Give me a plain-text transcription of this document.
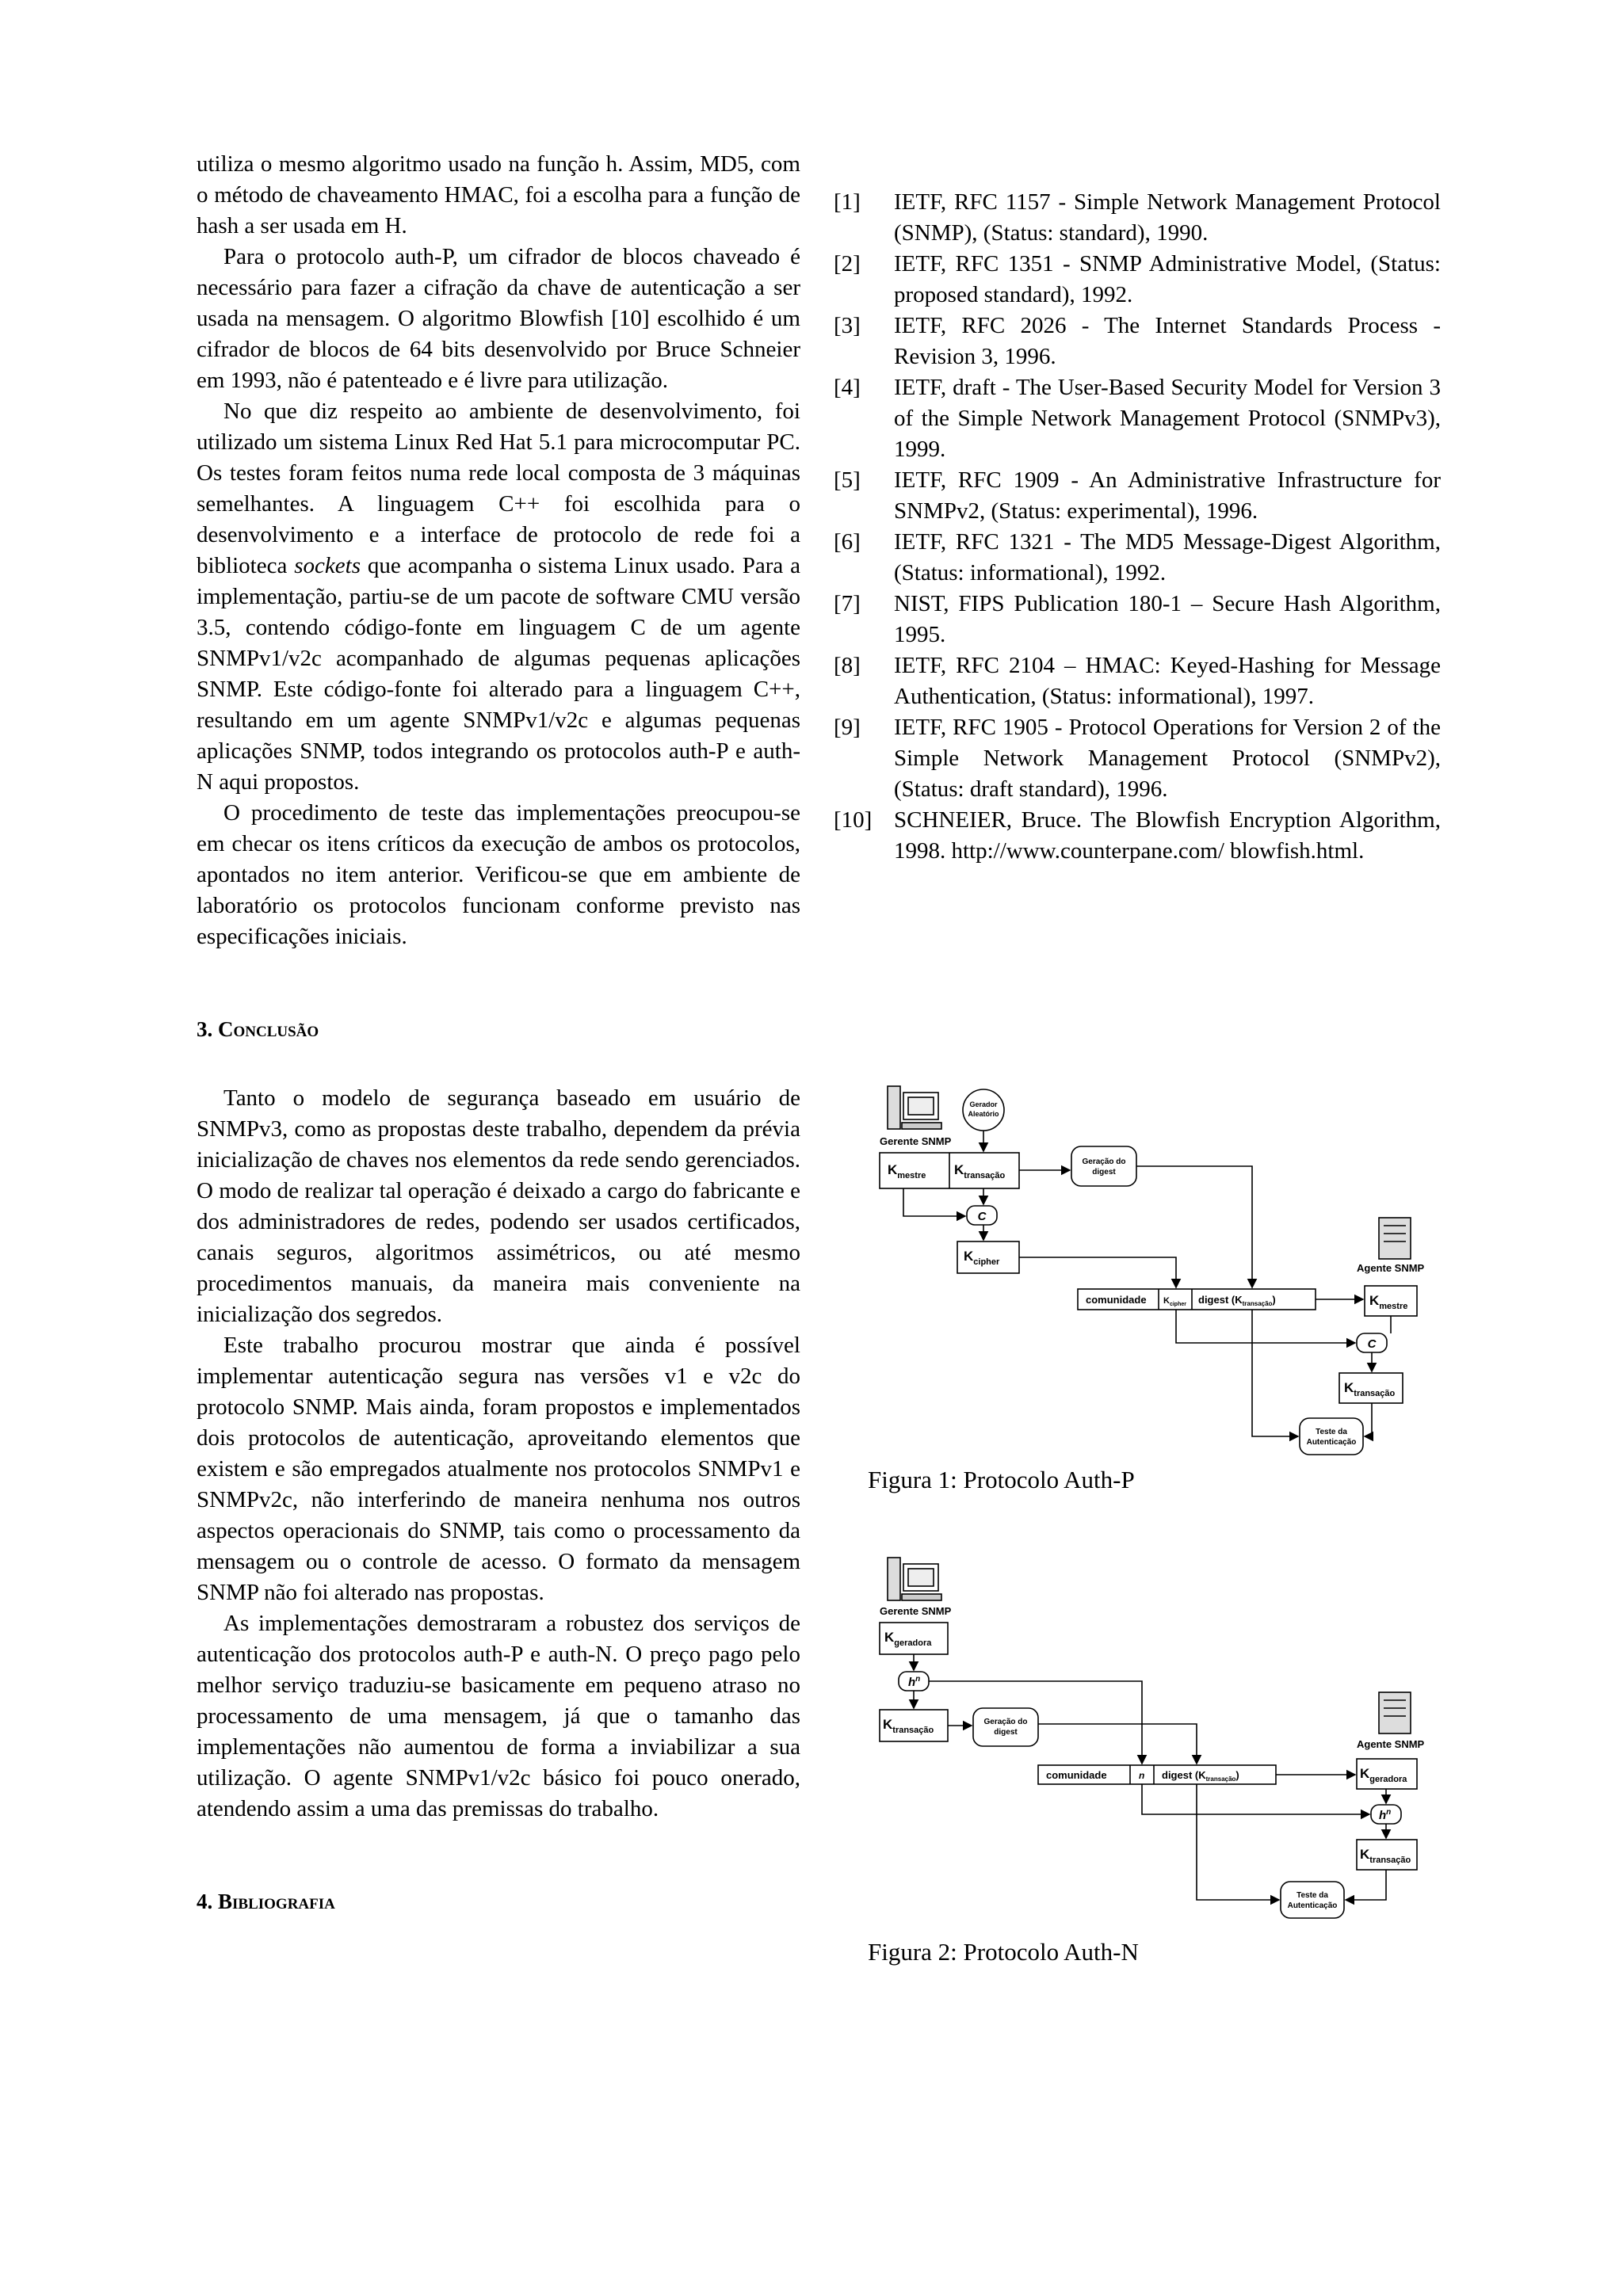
utiliza o mesmo algoritmo usado na função h. Assim, MD5, com o método de chaveamento HMAC, foi a escolha para a função de hash a ser usada em H.

Para o protocolo auth-P, um cifrador de blocos chaveado é necessário para fazer a cifração da chave de autenticação a ser usada na mensagem. O algoritmo Blowfish [10] escolhido é um cifrador de blocos de 64 bits desenvolvido por Bruce Schneier em 1993, não é patenteado e é livre para utilização.

No que diz respeito ao ambiente de desenvolvimento, foi utilizado um sistema Linux Red Hat 5.1 para microcomputar PC. Os testes foram feitos numa rede local composta de 3 máquinas semelhantes. A linguagem C++ foi escolhida para o desenvolvimento e a interface de protocolo de rede foi a biblioteca sockets que acompanha o sistema Linux usado. Para a implementação, partiu-se de um pacote de software CMU versão 3.5, contendo código-fonte em linguagem C de um agente SNMPv1/v2c acompanhado de algumas pequenas aplicações SNMP. Este código-fonte foi alterado para a linguagem C++, resultando em um agente SNMPv1/v2c e algumas pequenas aplicações SNMP, todos integrando os protocolos auth-P e auth-N aqui propostos.

O procedimento de teste das implementações preocupou-se em checar os itens críticos da execução de ambos os protocolos, apontados no item anterior. Verificou-se que em ambiente de laboratório os protocolos funcionam conforme previsto nas especificações iniciais.

3. Conclusão

Tanto o modelo de segurança baseado em usuário de SNMPv3, como as propostas deste trabalho, dependem da prévia inicialização de chaves nos elementos da rede sendo gerenciados. O modo de realizar tal operação é deixado a cargo do fabricante e dos administradores de redes, podendo ser usados certificados, canais seguros, algoritmos assimétricos, ou até mesmo procedimentos manuais, da maneira mais conveniente na inicialização dos segredos.

Este trabalho procurou mostrar que ainda é possível implementar autenticação segura nas versões v1 e v2c do protocolo SNMP. Mais ainda, foram propostos e implementados dois protocolos de autenticação, aproveitando elementos que existem e são empregados atualmente nos protocolos SNMPv1 e SNMPv2c, não interferindo de maneira nenhuma nos outros aspectos operacionais do SNMP, tais como o processamento da mensagem ou o controle de acesso. O formato da mensagem SNMP não foi alterado nas propostas.

As implementações demostraram a robustez dos serviços de autenticação dos protocolos auth-P e auth-N. O preço pago pelo melhor serviço traduziu-se basicamente em pequeno atraso no processamento de uma mensagem, já que o tamanho das implementações não aumentou de forma a inviabilizar a sua utilização. O agente SNMPv1/v2c básico foi pouco onerado, atendendo assim a uma das premissas do trabalho.

4. Bibliografia

[1]	IETF, RFC 1157 - Simple Network Management Protocol (SNMP), (Status: standard), 1990.
[2]	IETF, RFC 1351 - SNMP Administrative Model, (Status: proposed standard), 1992.
[3]	IETF, RFC 2026 - The Internet Standards Process - Revision 3, 1996.
[4]	IETF, draft - The User-Based Security Model for Version 3 of the Simple Network Management Protocol (SNMPv3), 1999.
[5]	IETF, RFC 1909 - An Administrative Infrastructure for SNMPv2, (Status: experimental), 1996.
[6]	IETF, RFC 1321 - The MD5 Message-Digest Algorithm, (Status: informational), 1992.
[7]	NIST, FIPS Publication 180-1 – Secure Hash Algorithm, 1995.
[8]	IETF, RFC 2104 – HMAC: Keyed-Hashing for Message Authentication, (Status: informational), 1997.
[9]	IETF, RFC 1905 - Protocol Operations for Version 2 of the Simple Network Management Protocol (SNMPv2), (Status: draft standard), 1996.
[10] SCHNEIER, Bruce. The Blowfish Encryption Algorithm, 1998. http://www.counterpane.com/ blowfish.html.
Gerador
Aleatório
Gerente SNMP
$K_{mestre}$ $K_{transação}$
Geração do
digest
C
$K_{cipher}$
comunidade $K_{cipher}$ digest $(K_{transação})$
Agente SNMP
$K_{mestre}$
C
$K_{transação}$
Teste da
Autenticação
Figura 1: Protocolo Auth-P
Gerente SNMP
$K_{geradora}$
$h^n$
$K_{transação}$
Geração do
digest
comunidade	n digest $(K_{transação})$
Agente SNMP
$K_{geradora}$
$h^n$
$K_{transação}$
Teste da
Autenticação
Figura 2: Protocolo Auth-N
